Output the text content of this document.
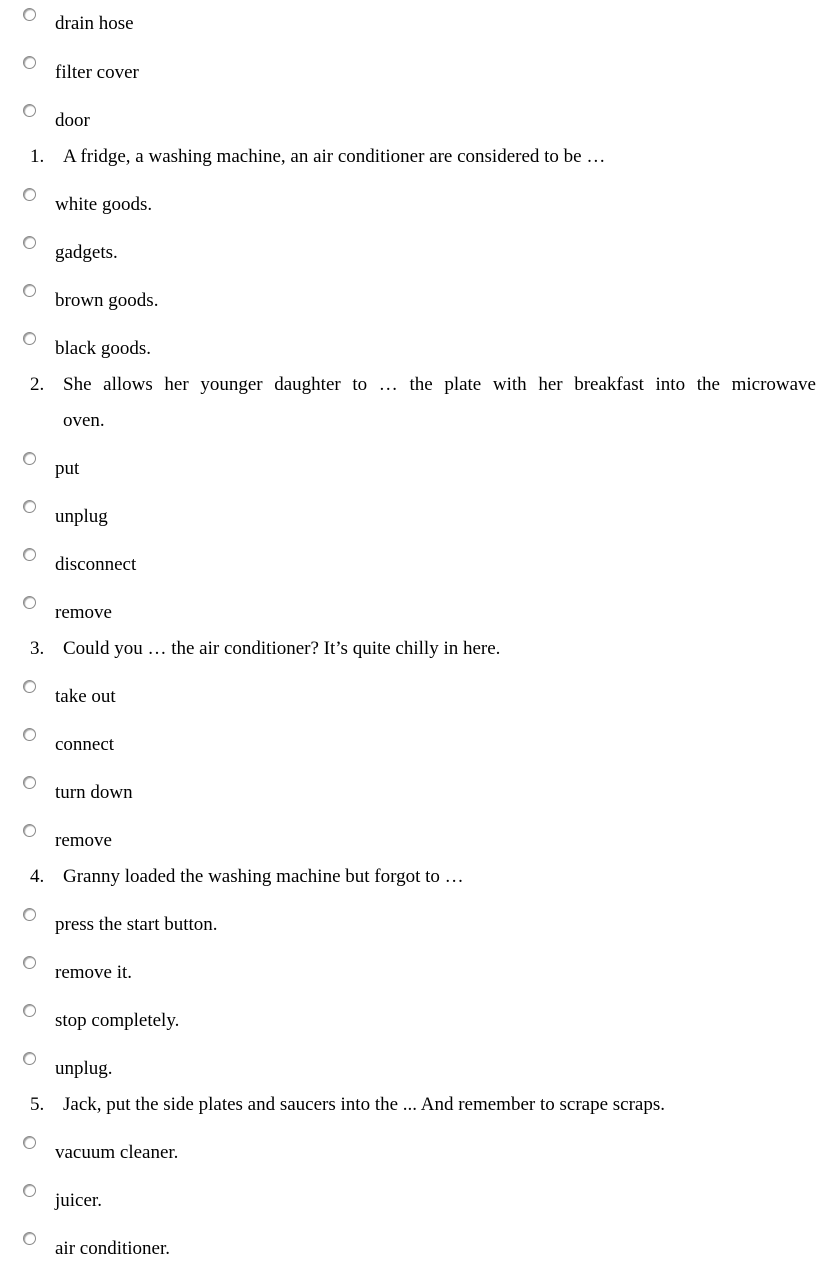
drain hose
filter cover
door
1. A fridge, a washing machine, an air conditioner are considered to be …
white goods.
gadgets.
brown goods.
black goods.
2. She allows her younger daughter to … the plate with her breakfast into the microwave
oven.
put
unplug
disconnect
remove
3. Could you … the air conditioner? It’s quite chilly in here.
take out
connect
turn down
remove
4. Granny loaded the washing machine but forgot to …
press the start button.
remove it.
stop completely.
unplug.
5. Jack, put the side plates and saucers into the ... And remember to scrape scraps.
vacuum cleaner.
juicer.
air conditioner.
